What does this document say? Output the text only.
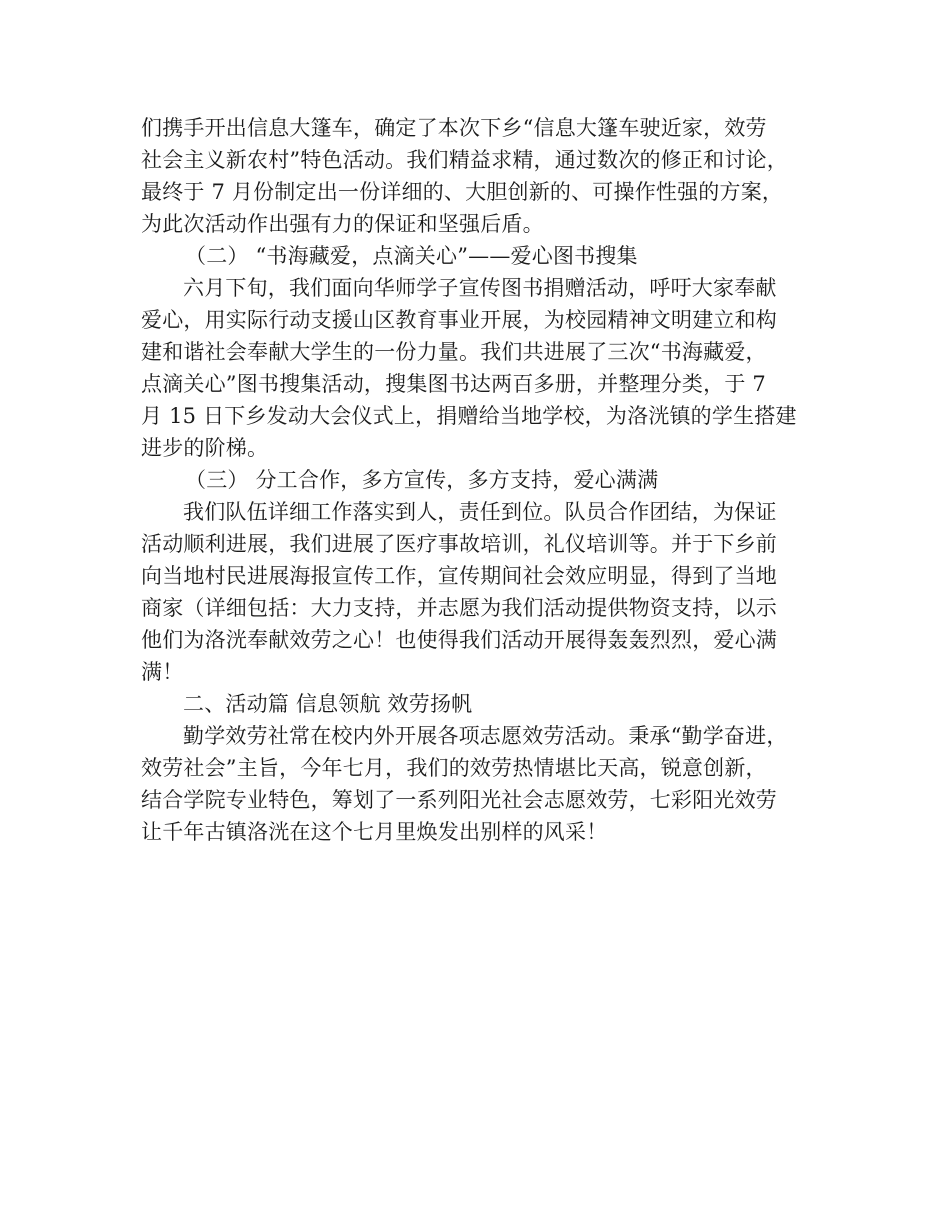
们携手开出信息大篷车，确定了本次下乡“信息大篷车驶近家，效劳
社会主义新农村”特色活动。我们精益求精，通过数次的修正和讨论，
最终于 7 月份制定出一份详细的、大胆创新的、可操作性强的方案，
为此次活动作出强有力的保证和坚强后盾。
（二） “书海藏爱，点滴关心”——爱心图书搜集
六月下旬，我们面向华师学子宣传图书捐赠活动，呼吁大家奉献
爱心，用实际行动支援山区教育事业开展，为校园精神文明建立和构
建和谐社会奉献大学生的一份力量。我们共进展了三次“书海藏爱，
点滴关心”图书搜集活动，搜集图书达两百多册，并整理分类，于 7
月 15 日下乡发动大会仪式上，捐赠给当地学校，为洛洸镇的学生搭建
进步的阶梯。
（三） 分工合作，多方宣传，多方支持，爱心满满
我们队伍详细工作落实到人，责任到位。队员合作团结，为保证
活动顺利进展，我们进展了医疗事故培训，礼仪培训等。并于下乡前
向当地村民进展海报宣传工作，宣传期间社会效应明显，得到了当地
商家（详细包括：大力支持，并志愿为我们活动提供物资支持，以示
他们为洛洸奉献效劳之心！也使得我们活动开展得轰轰烈烈，爱心满
满！
二、活动篇 信息领航 效劳扬帆
勤学效劳社常在校内外开展各项志愿效劳活动。秉承“勤学奋进，
效劳社会”主旨，今年七月，我们的效劳热情堪比天高，锐意创新，
结合学院专业特色，筹划了一系列阳光社会志愿效劳，七彩阳光效劳
让千年古镇洛洸在这个七月里焕发出别样的风采！
